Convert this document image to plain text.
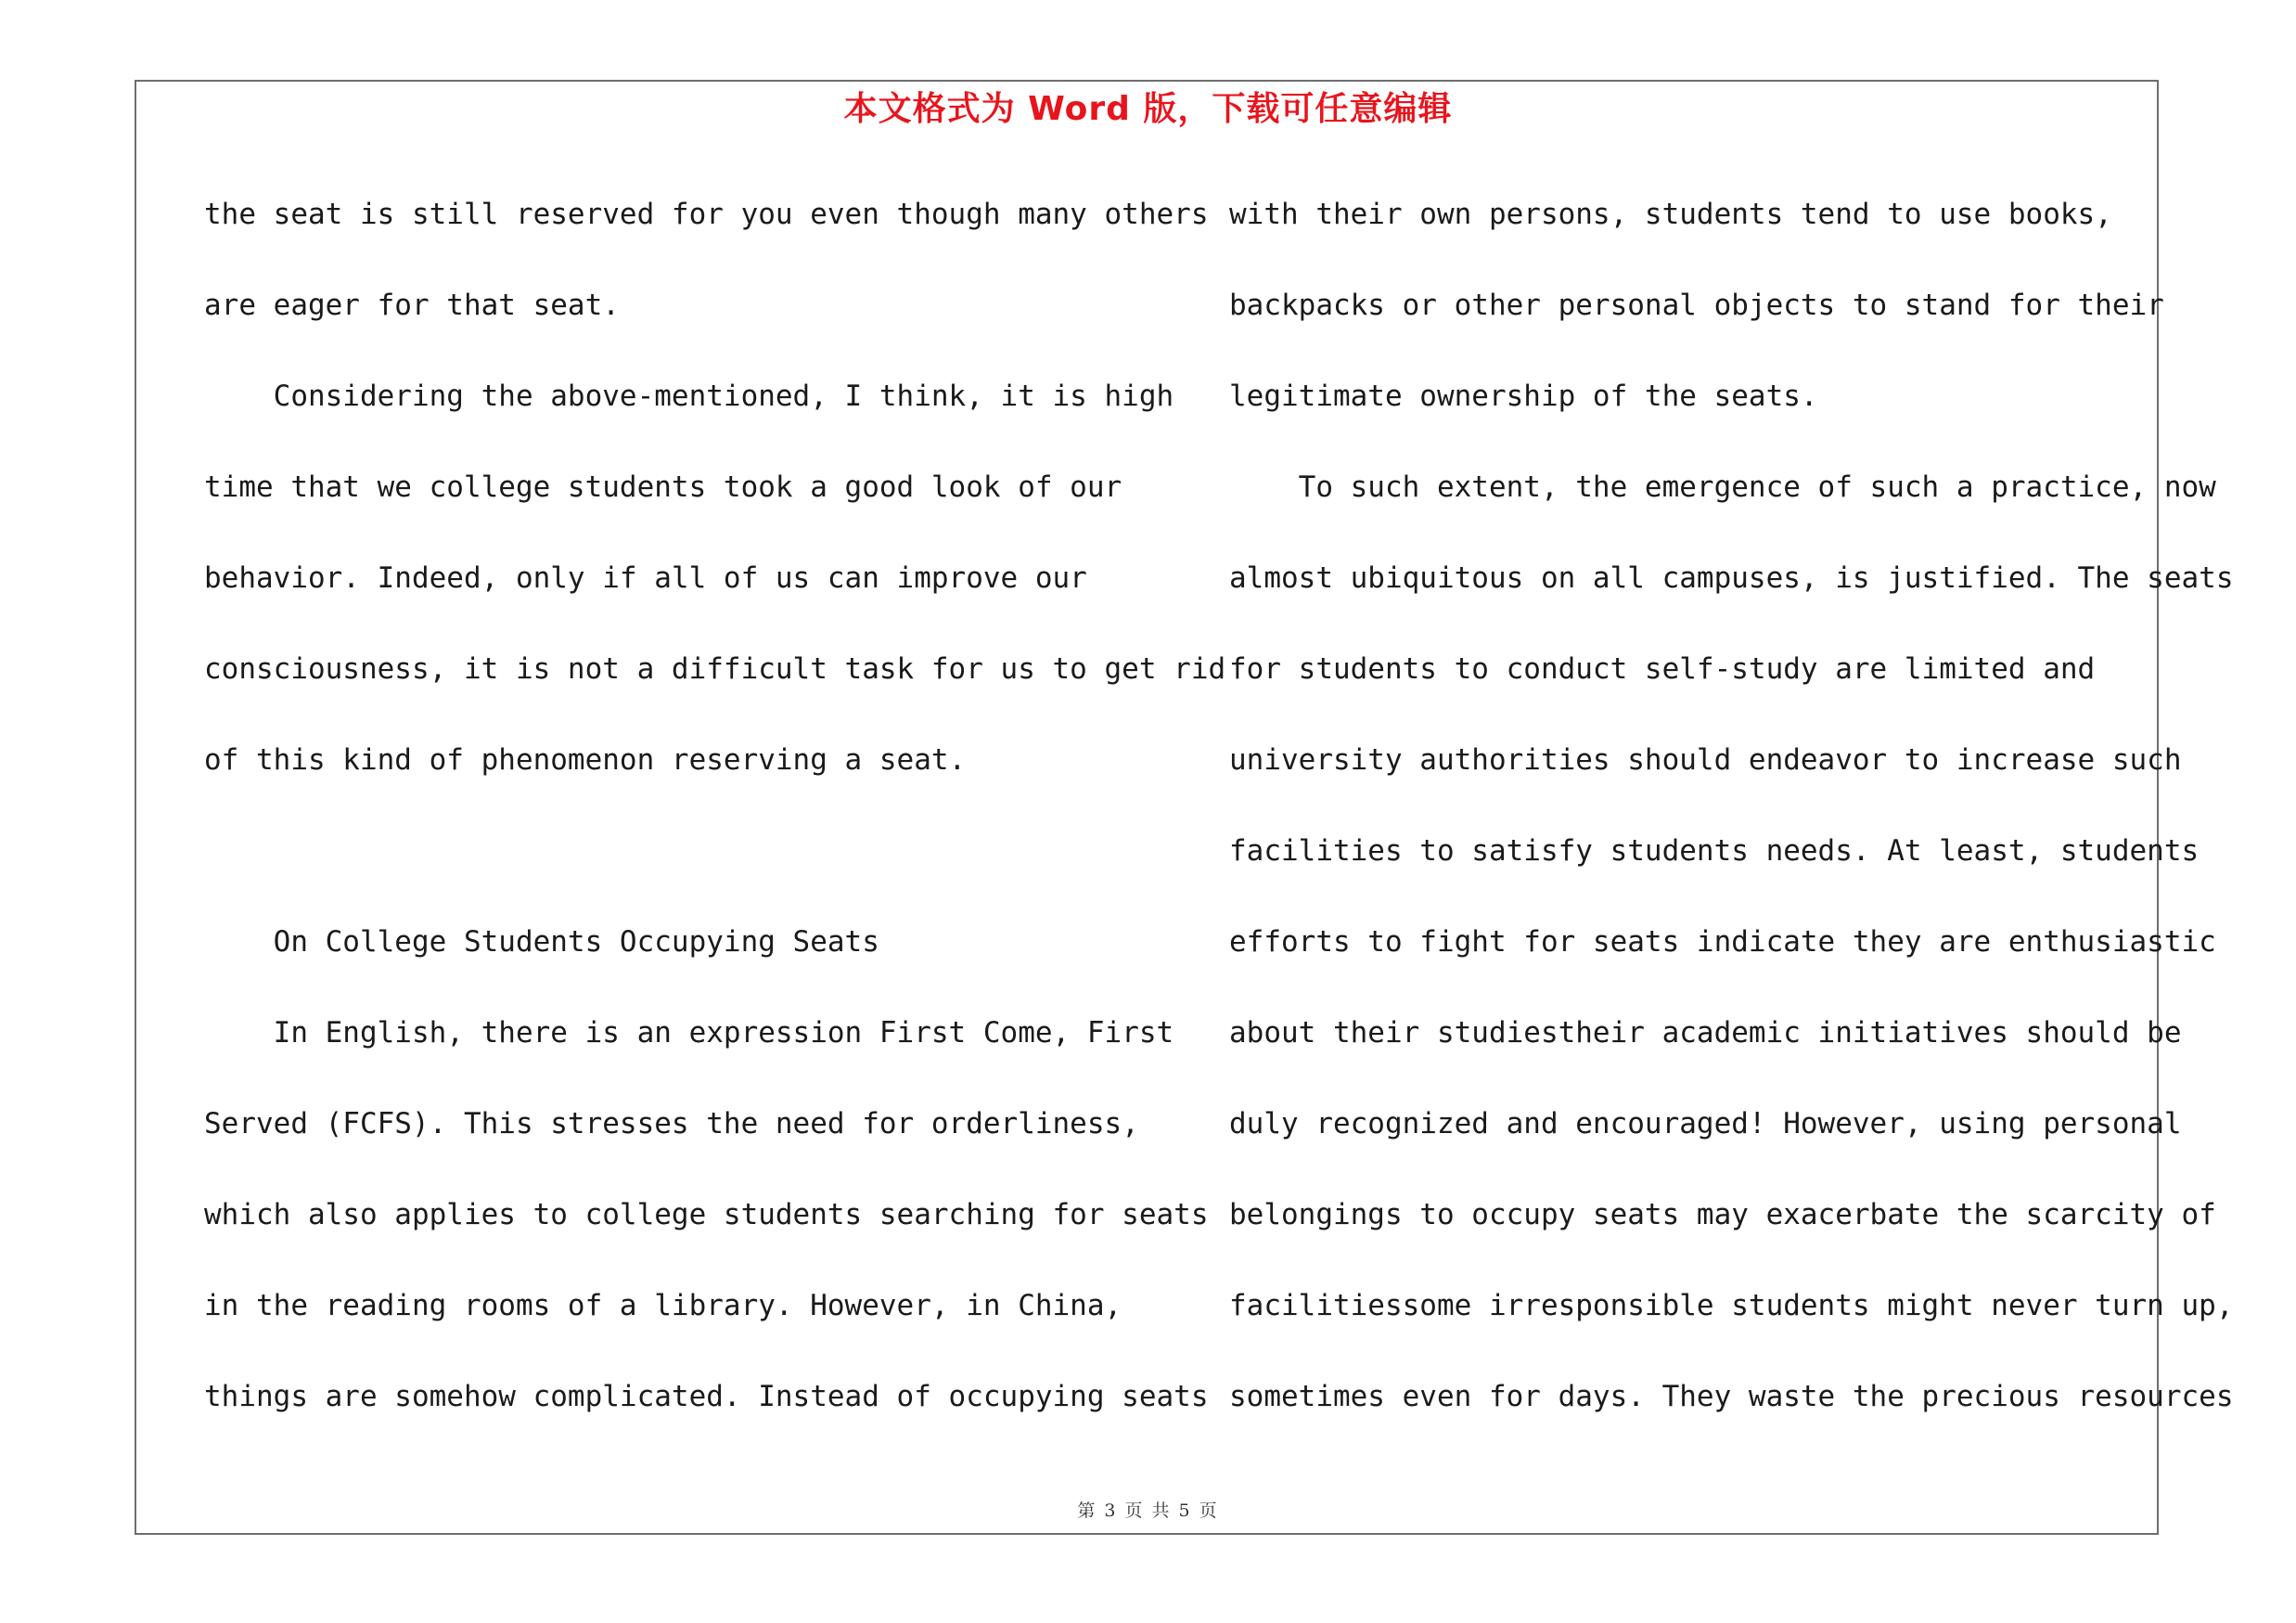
本文格式为 Word 版，下载可任意编辑
the seat is still reserved for you even though many others
are eager for that seat.
Considering the above-mentioned, I think, it is high
time that we college students took a good look of our
behavior. Indeed, only if all of us can improve our
consciousness, it is not a difficult task for us to get rid
of this kind of phenomenon reserving a seat.
On College Students Occupying Seats
In English, there is an expression First Come, First
Served (FCFS). This stresses the need for orderliness,
which also applies to college students searching for seats
in the reading rooms of a library. However, in China,
things are somehow complicated. Instead of occupying seats
with their own persons, students tend to use books,
backpacks or other personal objects to stand for their
legitimate ownership of the seats.
To such extent, the emergence of such a practice, now
almost ubiquitous on all campuses, is justified. The seats
for students to conduct self-study are limited and
university authorities should endeavor to increase such
facilities to satisfy students needs. At least, students
efforts to fight for seats indicate they are enthusiastic
about their studiestheir academic initiatives should be
duly recognized and encouraged! However, using personal
belongings to occupy seats may exacerbate the scarcity of
facilitiessome irresponsible students might never turn up,
sometimes even for days. They waste the precious resources
第 3 页 共 5 页
